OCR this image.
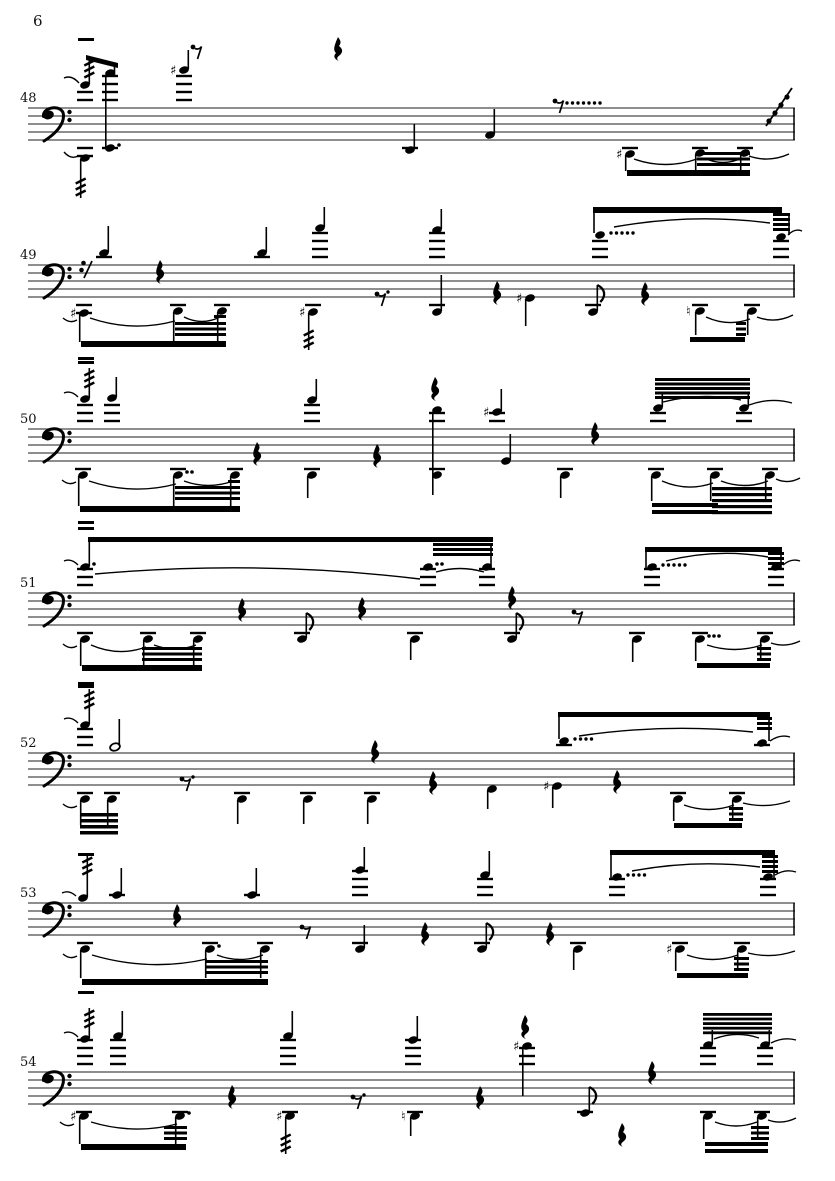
6
48
♯
♯
49
♯	♯
♯
♮
50	♯
51
52
♯
53
♯
54
♯	♯	♮
♯
